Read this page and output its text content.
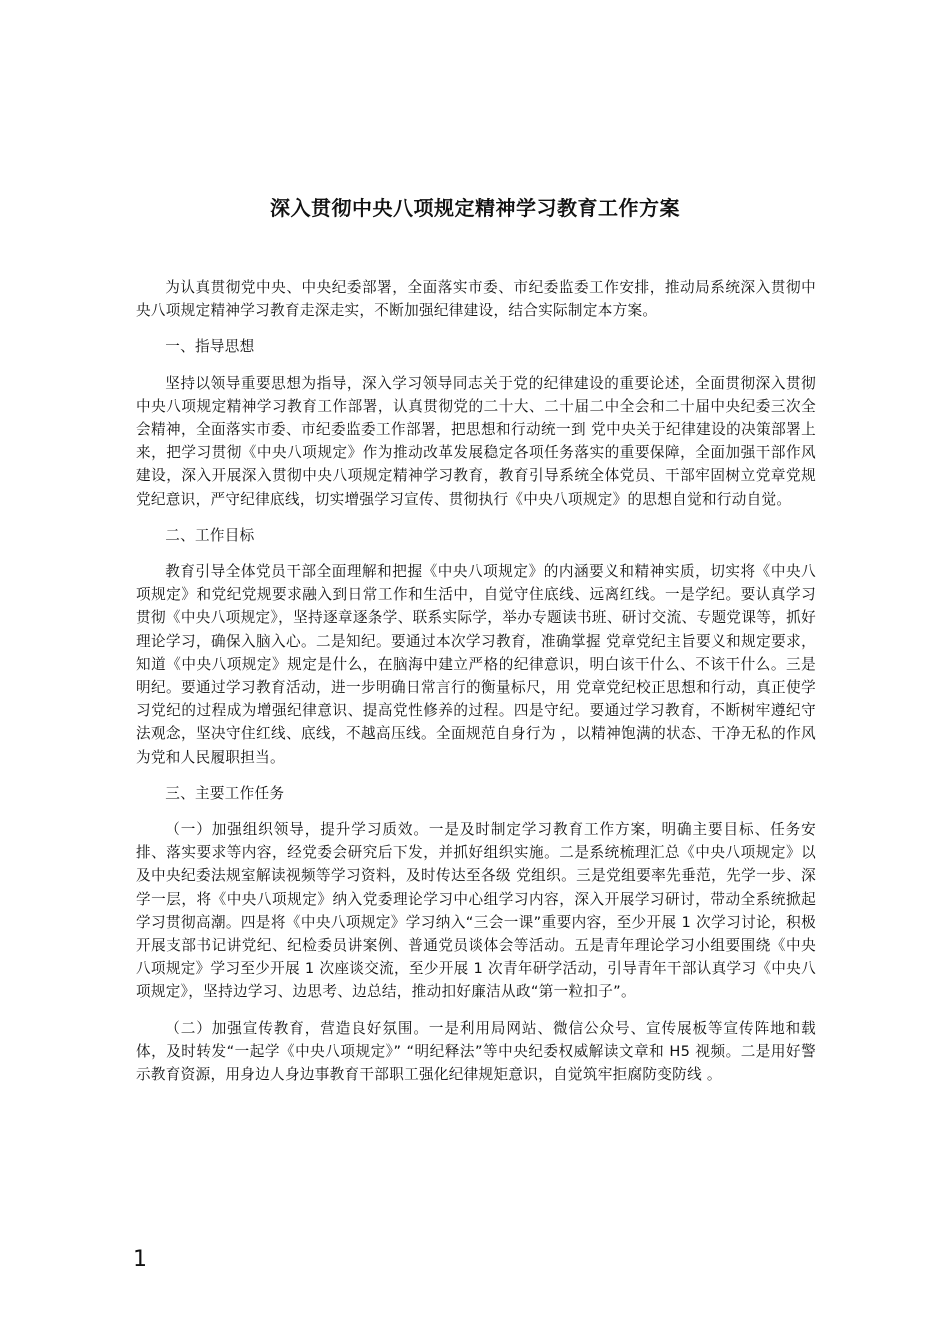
深入贯彻中央八项规定精神学习教育工作方案

为认真贯彻党中央、中央纪委部署，全面落实市委、市纪委监委工作安排，推动局系统深入贯彻中央八项规定精神学习教育走深走实，不断加强纪律建设，结合实际制定本方案。

一、指导思想

坚持以领导重要思想为指导，深入学习领导同志关于党的纪律建设的重要论述，全面贯彻深入贯彻中央八项规定精神学习教育工作部署，认真贯彻党的二十大、二十届二中全会和二十届中央纪委三次全会精神，全面落实市委、市纪委监委工作部署，把思想和行动统一到 党中央关于纪律建设的决策部署上来，把学习贯彻《中央八项规定》作为推动改革发展稳定各项任务落实的重要保障，全面加强干部作风建设，深入开展深入贯彻中央八项规定精神学习教育，教育引导系统全体党员、干部牢固树立党章党规党纪意识，严守纪律底线，切实增强学习宣传、贯彻执行《中央八项规定》的思想自觉和行动自觉。

二、工作目标

教育引导全体党员干部全面理解和把握《中央八项规定》的内涵要义和精神实质，切实将《中央八项规定》和党纪党规要求融入到日常工作和生活中，自觉守住底线、远离红线。一是学纪。要认真学习贯彻《中央八项规定》，坚持逐章逐条学、联系实际学，举办专题读书班、研讨交流、专题党课等，抓好理论学习，确保入脑入心。二是知纪。要通过本次学习教育，准确掌握 党章党纪主旨要义和规定要求，知道《中央八项规定》规定是什么，在脑海中建立严格的纪律意识，明白该干什么、不该干什么。三是明纪。要通过学习教育活动，进一步明确日常言行的衡量标尺，用 党章党纪校正思想和行动，真正使学习党纪的过程成为增强纪律意识、提高党性修养的过程。四是守纪。要通过学习教育，不断树牢遵纪守法观念，坚决守住红线、底线，不越高压线。全面规范自身行为 ，以精神饱满的状态、干净无私的作风为党和人民履职担当。

三、主要工作任务

（一）加强组织领导，提升学习质效。一是及时制定学习教育工作方案，明确主要目标、任务安排、落实要求等内容，经党委会研究后下发，并抓好组织实施。二是系统梳理汇总《中央八项规定》以及中央纪委法规室解读视频等学习资料，及时传达至各级 党组织。三是党组要率先垂范，先学一步、深学一层，将《中央八项规定》纳入党委理论学习中心组学习内容，深入开展学习研讨，带动全系统掀起学习贯彻高潮。四是将《中央八项规定》学习纳入“三会一课”重要内容，至少开展 1 次学习讨论，积极开展支部书记讲党纪、纪检委员讲案例、普通党员谈体会等活动。五是青年理论学习小组要围绕《中央八项规定》学习至少开展 1 次座谈交流，至少开展 1 次青年研学活动，引导青年干部认真学习《中央八项规定》，坚持边学习、边思考、边总结，推动扣好廉洁从政“第一粒扣子”。

（二）加强宣传教育，营造良好氛围。一是利用局网站、微信公众号、宣传展板等宣传阵地和载体，及时转发“一起学《中央八项规定》” “明纪释法”等中央纪委权威解读文章和 H5 视频。二是用好警示教育资源，用身边人身边事教育干部职工强化纪律规矩意识，自觉筑牢拒腐防变防线 。

1
